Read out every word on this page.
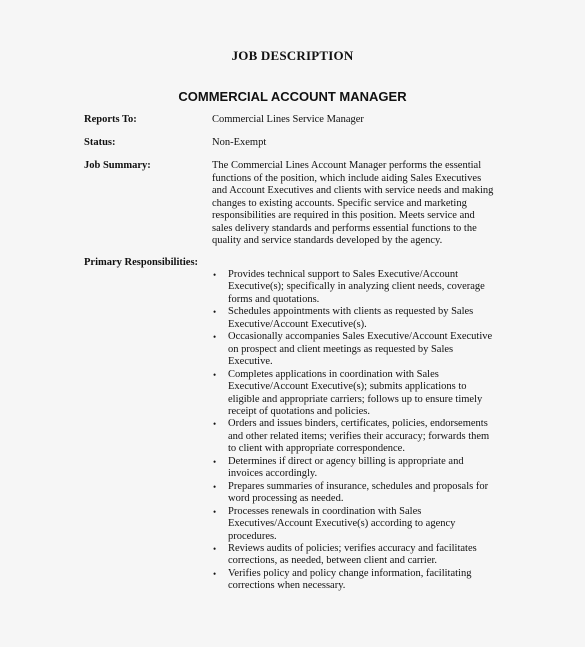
JOB DESCRIPTION
COMMERCIAL ACCOUNT MANAGER
Reports To:	Commercial Lines Service Manager
Status:	Non-Exempt
Job Summary:	The Commercial Lines Account Manager performs the essential
functions of the position, which include aiding Sales Executives
and Account Executives and clients with service needs and making
changes to existing accounts. Specific service and marketing
responsibilities are required in this position. Meets service and
sales delivery standards and performs essential functions to the
quality and service standards developed by the agency.
Primary Responsibilities:
• Provides technical support to Sales Executive/Account
Executive(s); specifically in analyzing client needs, coverage
forms and quotations.
• Schedules appointments with clients as requested by Sales
Executive/Account Executive(s).
• Occasionally accompanies Sales Executive/Account Executive
on prospect and client meetings as requested by Sales
Executive.
• Completes applications in coordination with Sales
Executive/Account Executive(s); submits applications to
eligible and appropriate carriers; follows up to ensure timely
receipt of quotations and policies.
• Orders and issues binders, certificates, policies, endorsements
and other related items; verifies their accuracy; forwards them
to client with appropriate correspondence.
• Determines if direct or agency billing is appropriate and
invoices accordingly.
• Prepares summaries of insurance, schedules and proposals for
word processing as needed.
• Processes renewals in coordination with Sales
Executives/Account Executive(s) according to agency
procedures.
• Reviews audits of policies; verifies accuracy and facilitates
corrections, as needed, between client and carrier.
• Verifies policy and policy change information, facilitating
corrections when necessary.
